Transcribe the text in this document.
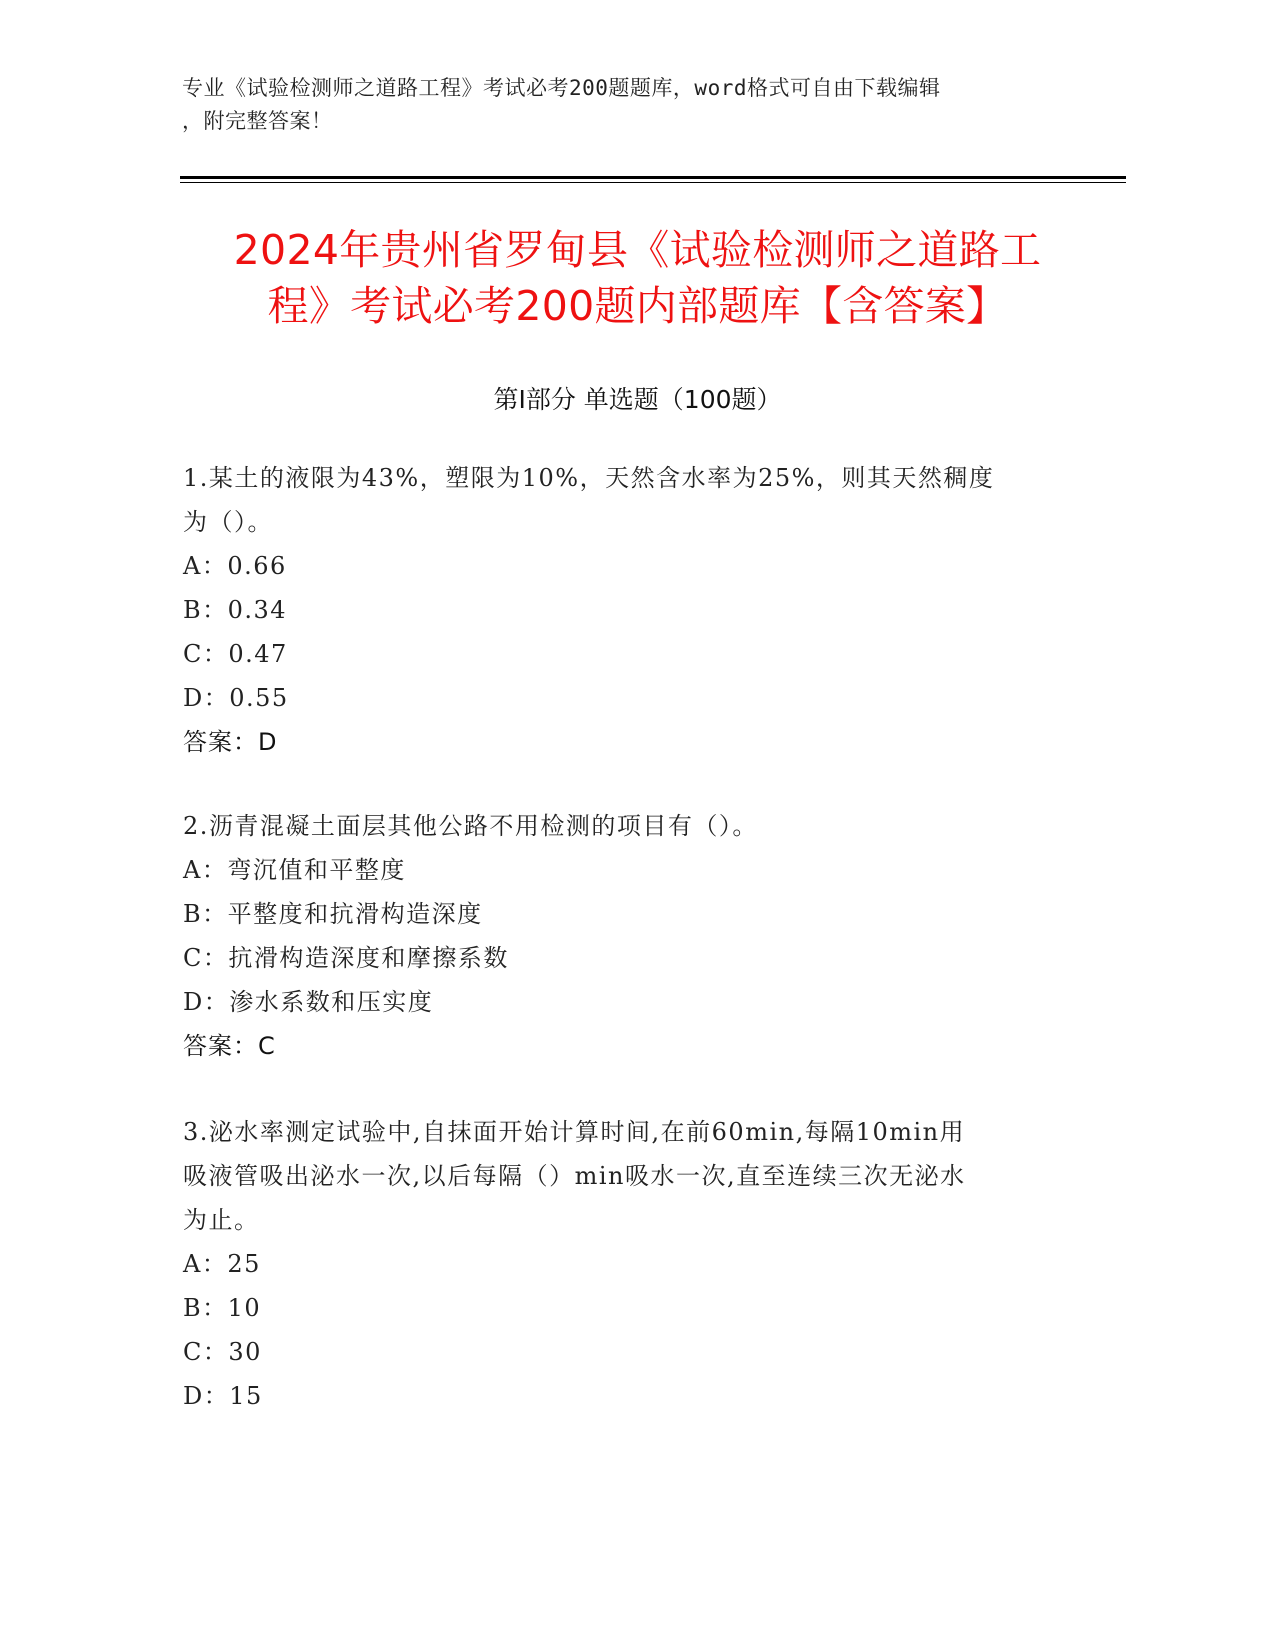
专业《试验检测师之道路工程》考试必考200题题库，word格式可自由下载编辑
，附完整答案！
2024年贵州省罗甸县《试验检测师之道路工
程》考试必考200题内部题库【含答案】
第Ⅰ部分 单选题（100题）
1.某土的液限为43%，塑限为10%，天然含水率为25%，则其天然稠度
为（）。
A：0.66
B：0.34
C：0.47
D：0.55
答案：D
2.沥青混凝土面层其他公路不用检测的项目有（）。
A：弯沉值和平整度
B：平整度和抗滑构造深度
C：抗滑构造深度和摩擦系数
D：渗水系数和压实度
答案：C
3.泌水率测定试验中,自抹面开始计算时间,在前60min,每隔10min用
吸液管吸出泌水一次,以后每隔（）min吸水一次,直至连续三次无泌水
为止。
A：25
B：10
C：30
D：15
